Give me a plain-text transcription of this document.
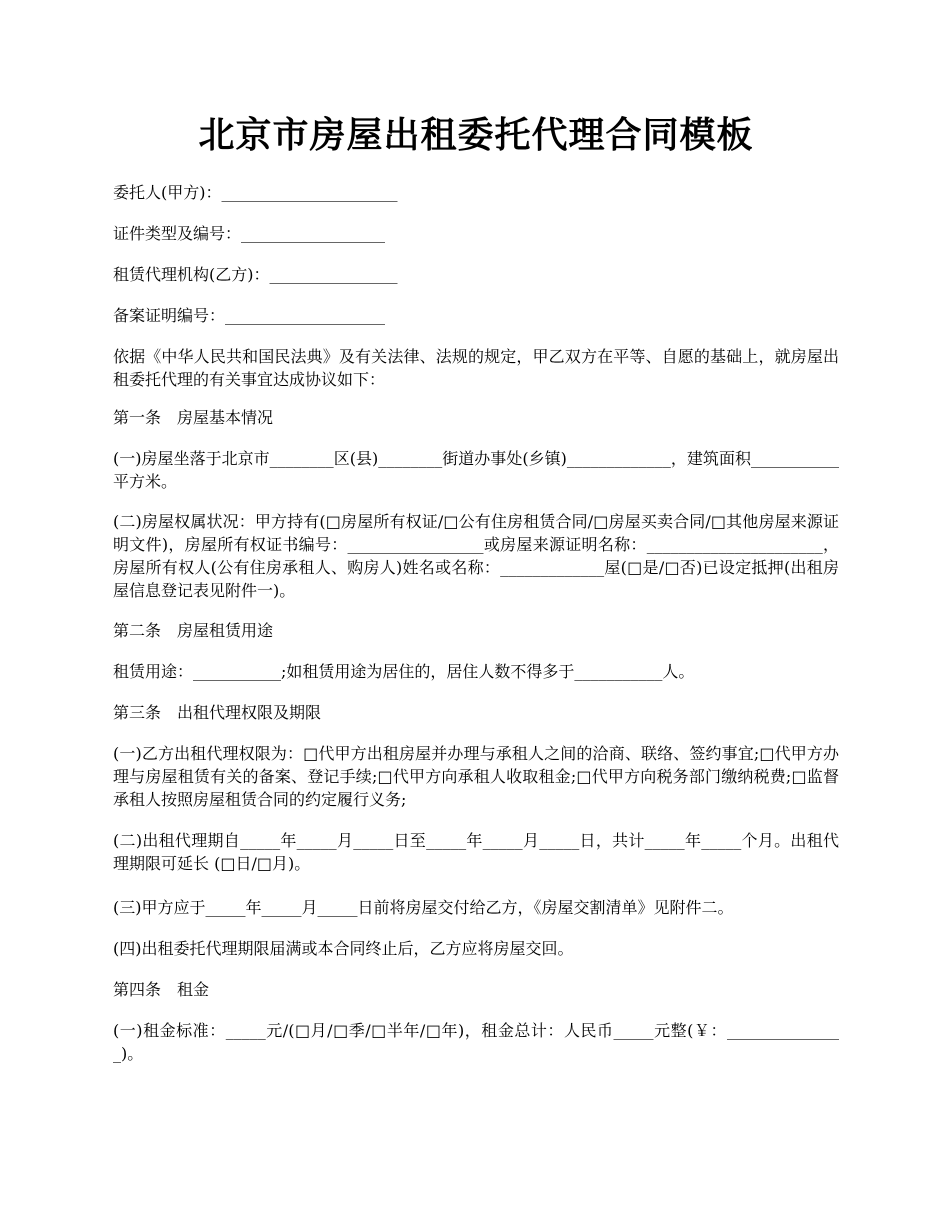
北京市房屋出租委托代理合同模板

委托人(甲方)：______________________

证件类型及编号：__________________

租赁代理机构(乙方)：________________

备案证明编号：____________________

依据《中华人民共和国民法典》及有关法律、法规的规定，甲乙双方在平等、自愿的基础上，就房屋出租委托代理的有关事宜达成协议如下：

第一条　房屋基本情况

(一)房屋坐落于北京市________区(县)________街道办事处(乡镇)_____________，建筑面积___________平方米。

(二)房屋权属状况：甲方持有(□房屋所有权证/□公有住房租赁合同/□房屋买卖合同/□其他房屋来源证明文件)，房屋所有权证书编号：_________________或房屋来源证明名称：______________________，房屋所有权人(公有住房承租人、购房人)姓名或名称：_____________屋(□是/□否)已设定抵押(出租房屋信息登记表见附件一)。

第二条　房屋租赁用途

租赁用途：___________;如租赁用途为居住的，居住人数不得多于___________人。

第三条　出租代理权限及期限

(一)乙方出租代理权限为：□代甲方出租房屋并办理与承租人之间的洽商、联络、签约事宜;□代甲方办理与房屋租赁有关的备案、登记手续;□代甲方向承租人收取租金;□代甲方向税务部门缴纳税费;□监督承租人按照房屋租赁合同的约定履行义务;

(二)出租代理期自_____年_____月_____日至_____年_____月_____日，共计_____年_____个月。出租代理期限可延长 (□日/□月)。

(三)甲方应于_____年_____月_____日前将房屋交付给乙方，《房屋交割清单》见附件二。

(四)出租委托代理期限届满或本合同终止后，乙方应将房屋交回。

第四条　租金

(一)租金标准：_____元/(□月/□季/□半年/□年)，租金总计：人民币_____元整(￥：_______________)。
